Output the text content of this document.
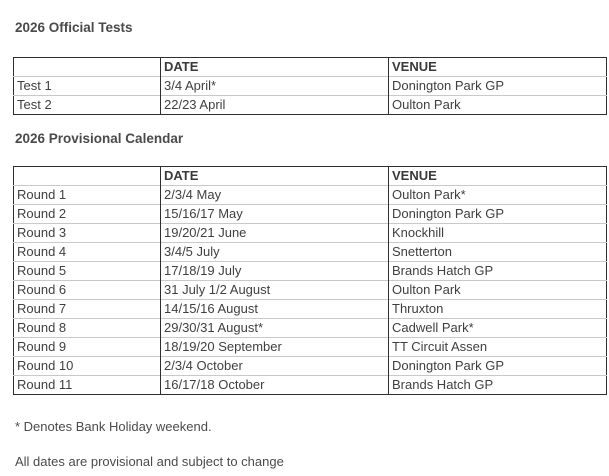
2026 Official Tests
	DATE	VENUE
Test 1	3/4 April*	Donington Park GP
Test 2	22/23 April	Oulton Park
2026 Provisional Calendar
	DATE	VENUE
Round 1	2/3/4 May	Oulton Park*
Round 2	15/16/17 May	Donington Park GP
Round 3	19/20/21 June	Knockhill
Round 4	3/4/5 July	Snetterton
Round 5	17/18/19 July	Brands Hatch GP
Round 6	31 July 1/2 August	Oulton Park
Round 7	14/15/16 August	Thruxton
Round 8	29/30/31 August*	Cadwell Park*
Round 9	18/19/20 September	TT Circuit Assen
Round 10	2/3/4 October	Donington Park GP
Round 11	16/17/18 October	Brands Hatch GP

* Denotes Bank Holiday weekend.

All dates are provisional and subject to change
